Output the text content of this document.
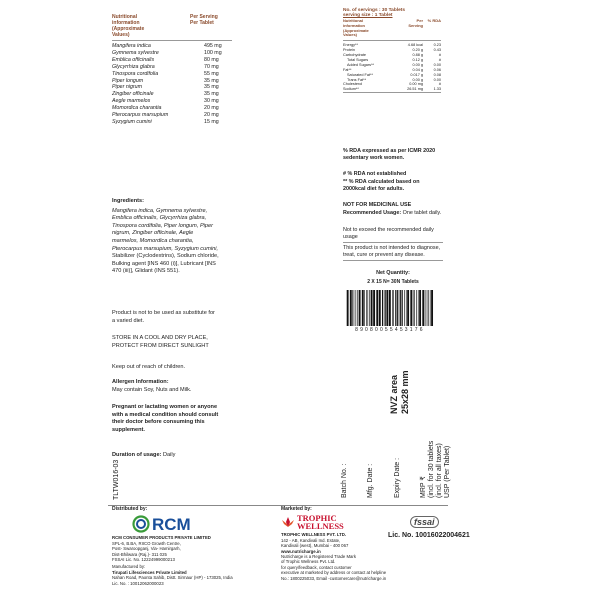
Nutritional
information
(Approximate
Values)
Per Serving
Per Tablet
Mangifera indica	495 mg
Gymnema sylvestre	100 mg
Emblica officinalis	80 mg
Glycyrrhiza glabra	70 mg
Tinospora cordifolia	55 mg
Piper longum	35 mg
Piper nigrum	35 mg
Zingiber officinale	35 mg
Aegle marmelos	30 mg
Momordica charantia	20 mg
Pterocarpus marsupium	20 mg
Syzygium cumini	15 mg
Ingredients:
Mangifera indica, Gymnema sylvestre, Emblica officinalis, Glycyrrhiza glabra, Tinospora cordifolia, Piper longum, Piper nigrum, Zingiber officinale, Aegle marmelos, Momordica charantia, Pterocarpus marsupium, Syzygium cumini, Stabilizer (Cyclodextrins), Sodium chloride, Bulking agent [INS 460 (i)], Lubricant [INS 470 (iii)], Glidant (INS 551).
Product is not to be used as substitute for a varied diet.
STORE IN A COOL AND DRY PLACE, PROTECT FROM DIRECT SUNLIGHT
Keep out of reach of children.
Allergen Information:
May contain Soy, Nuts and Milk.
Pregnant or lactating women or anyone with a medical condition should consult their doctor before consuming this supplement.
Duration of usage: Daily
TLTW016-03
No. of servings : 30 Tablets
serving size : 1 Tablet
Nutritional
information
(Approximate
Values)
Per Serving
% RDA
Energy**	4.68 kcal	0.23
Protein	0.20 g	0.43
Carbohydrate	0.88 g	#
Total Sugars	0.12 g	#
Added Sugars**	0.00 g	0.00
Fat**	0.04 g	0.06
Saturated Fat**	0.017 g	0.08
Trans Fat**	0.00 g	0.00
Cholesterol	0.00 mg	#
Sodium**	26.51 mg	1.33
% RDA expressed as per ICMR 2020 sedentary work women.
# % RDA not established
** % RDA calculated based on 2000kcal diet for adults.
NOT FOR MEDICINAL USE
Recommended Usage: One tablet daily.
Not to exceed the recommended daily usage
This product is not intended to diagnose, treat, cure or prevent any disease.
Net Quantity:
2 X 15 N= 30N Tablets
8 9 0 8 0 0 5 5 4 5 3 1 7 6
NVZ area 25x28 mm
Batch No. :	Mfg. Date :	Expiry Date :	MRP ₹ (incl. for 30 tablets (incl. for all taxes) USP (Per Tablet)
Distributed by:
RCM
RCM CONSUMER PRODUCTS PRIVATE LIMITED
SPL-6, B.BA, RIICO Growth Centre,
Post- Swaroopganj, Via- Hamirgarh,
Dist-Bhilwara (Raj.)- 311 025
FSSAI Lic. No. 12224999000213
Manufactured by:
Tirupati Lifesciences Private Limited
Nahan Road, Paonta Sahib, Distt. Sirmaur (HP) - 173025, India
Lic. No. : 10012062000023
Marketed by:
TROPHIC WELLNESS
TROPHIC WELLNESS PVT. LTD.
142 - AB, Kandivali Ind. Estate,
Kandivali (west), Mumbai - 400 067
www.nutricharge.in
Nutricharge is a Registered Trade Mark
of Trophic Wellness Pvt. Ltd.
for query/feedback, contact customer
executive at marketed by address or contact at helpline
No.: 1800225033, Email -customercare@nutricharge.in
fssai
Lic. No. 10016022004621
